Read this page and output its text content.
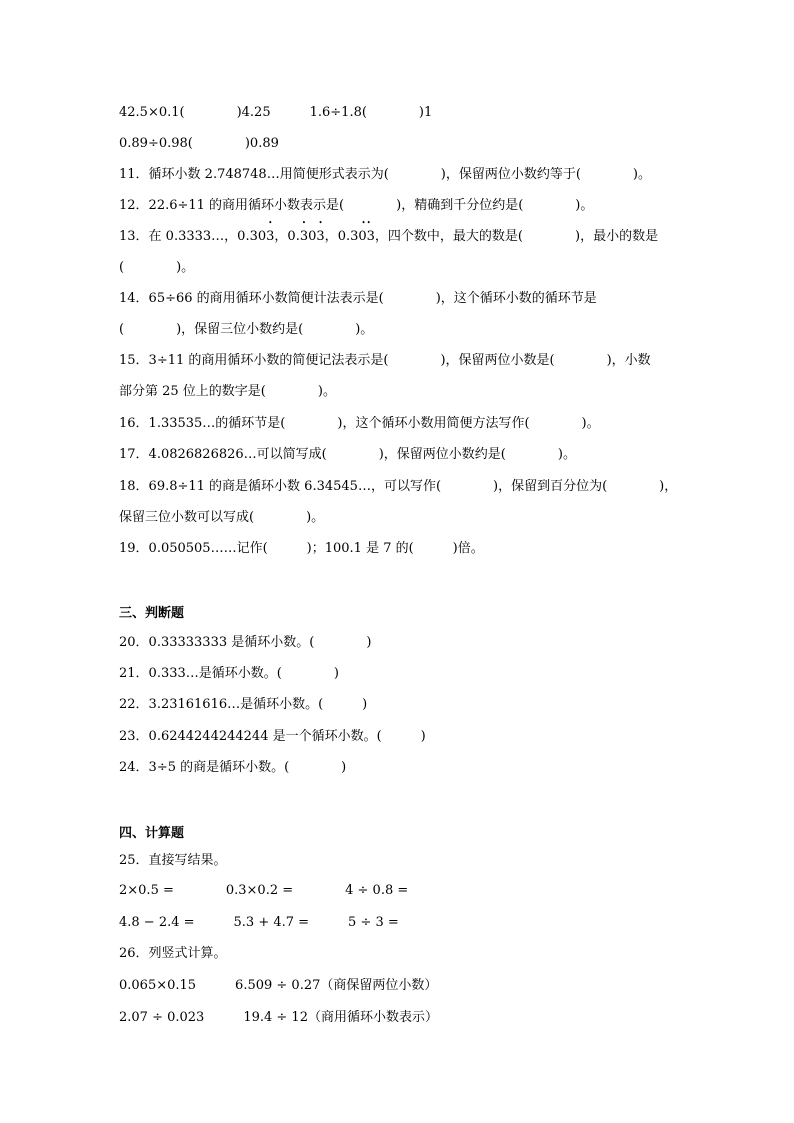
42.5×0.1(　　　　)4.25　　　1.6÷1.8(　　　　)1
0.89÷0.98(　　　　)0.89
11．循环小数 2.748748…用简便形式表示为(　　　　)，保留两位小数约等于(　　　　)。
12．22.6÷11 的商用循环小数表示是(　　　　)，精确到千分位约是(　　　　)。
13．在 0.3333…，0.30• 3，0.• 30• 3，0.3•• 03，四个数中，最大的数是(　　　　)，最小的数是
(　　　　)。
14．65÷66 的商用循环小数简便计法表示是(　　　　)，这个循环小数的循环节是
(　　　　)，保留三位小数约是(　　　　)。
15．3÷11 的商用循环小数的简便记法表示是(　　　　)，保留两位小数是(　　　　)，小数
部分第 25 位上的数字是(　　　　)。
16．1.33535…的循环节是(　　　　)，这个循环小数用简便方法写作(　　　　)。
17．4.0826826826…可以简写成(　　　　)，保留两位小数约是(　　　　)。
18．69.8÷11 的商是循环小数 6.34545…，可以写作(　　　　)，保留到百分位为(　　　　)，
保留三位小数可以写成(　　　　)。
19．0.050505……记作(　　　)；100.1 是 7 的(　　　)倍。
三、判断题
20．0.33333333 是循环小数。(　　　　)
21．0.333…是循环小数。(　　　　)
22．3.23161616…是循环小数。(　　　)
23．0.6244244244244 是一个循环小数。(　　　)
24．3÷5 的商是循环小数。(　　　　)
四、计算题
25．直接写结果。
2×0.5 =　　　　0.3×0.2 =　　　　4 ÷ 0.8 =
4.8 − 2.4 =　　　5.3 + 4.7 =　　　5 ÷ 3 =
26．列竖式计算。
0.065×0.15　　　6.509 ÷ 0.27（商保留两位小数）
2.07 ÷ 0.023　　　19.4 ÷ 12（商用循环小数表示）
